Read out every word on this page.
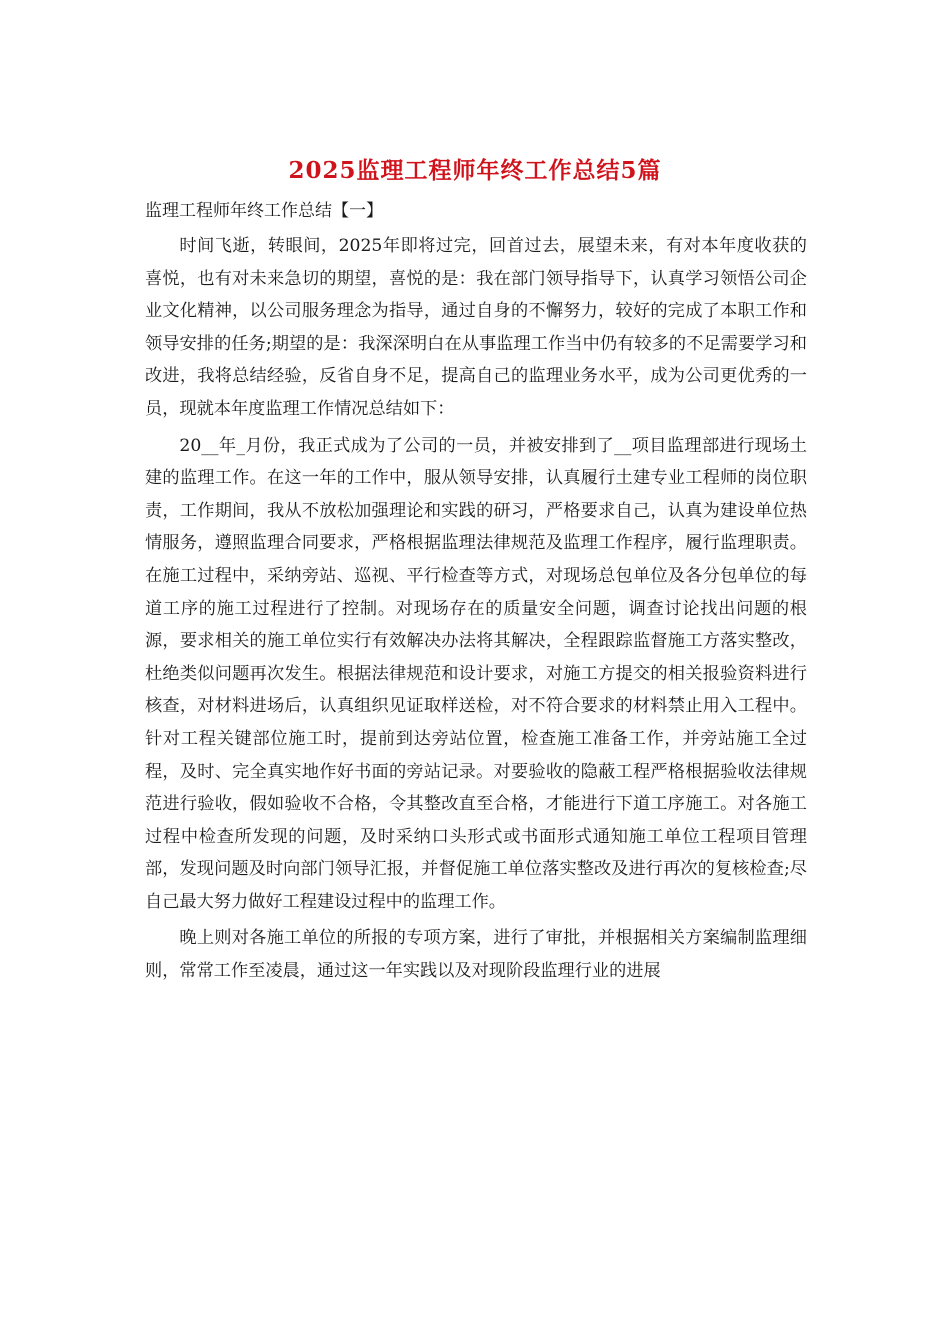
2025监理工程师年终工作总结5篇

监理工程师年终工作总结【一】

时间飞逝，转眼间，2025年即将过完，回首过去，展望未来，有对本年度收获的喜悦，也有对未来急切的期望，喜悦的是：我在部门领导指导下，认真学习领悟公司企业文化精神，以公司服务理念为指导，通过自身的不懈努力，较好的完成了本职工作和领导安排的任务;期望的是：我深深明白在从事监理工作当中仍有较多的不足需要学习和改进，我将总结经验，反省自身不足，提高自己的监理业务水平，成为公司更优秀的一员，现就本年度监理工作情况总结如下：

20__年_月份，我正式成为了公司的一员，并被安排到了__项目监理部进行现场土建的监理工作。在这一年的工作中，服从领导安排，认真履行土建专业工程师的岗位职责，工作期间，我从不放松加强理论和实践的研习，严格要求自己，认真为建设单位热情服务，遵照监理合同要求，严格根据监理法律规范及监理工作程序，履行监理职责。在施工过程中，采纳旁站、巡视、平行检查等方式，对现场总包单位及各分包单位的每道工序的施工过程进行了控制。对现场存在的质量安全问题，调查讨论找出问题的根源，要求相关的施工单位实行有效解决办法将其解决，全程跟踪监督施工方落实整改，杜绝类似问题再次发生。根据法律规范和设计要求，对施工方提交的相关报验资料进行核查，对材料进场后，认真组织见证取样送检，对不符合要求的材料禁止用入工程中。针对工程关键部位施工时，提前到达旁站位置，检查施工准备工作，并旁站施工全过程，及时、完全真实地作好书面的旁站记录。对要验收的隐蔽工程严格根据验收法律规范进行验收，假如验收不合格，令其整改直至合格，才能进行下道工序施工。对各施工过程中检查所发现的问题，及时采纳口头形式或书面形式通知施工单位工程项目管理部，发现问题及时向部门领导汇报，并督促施工单位落实整改及进行再次的复核检查;尽自己最大努力做好工程建设过程中的监理工作。

晚上则对各施工单位的所报的专项方案，进行了审批，并根据相关方案编制监理细则，常常工作至凌晨，通过这一年实践以及对现阶段监理行业的进展
